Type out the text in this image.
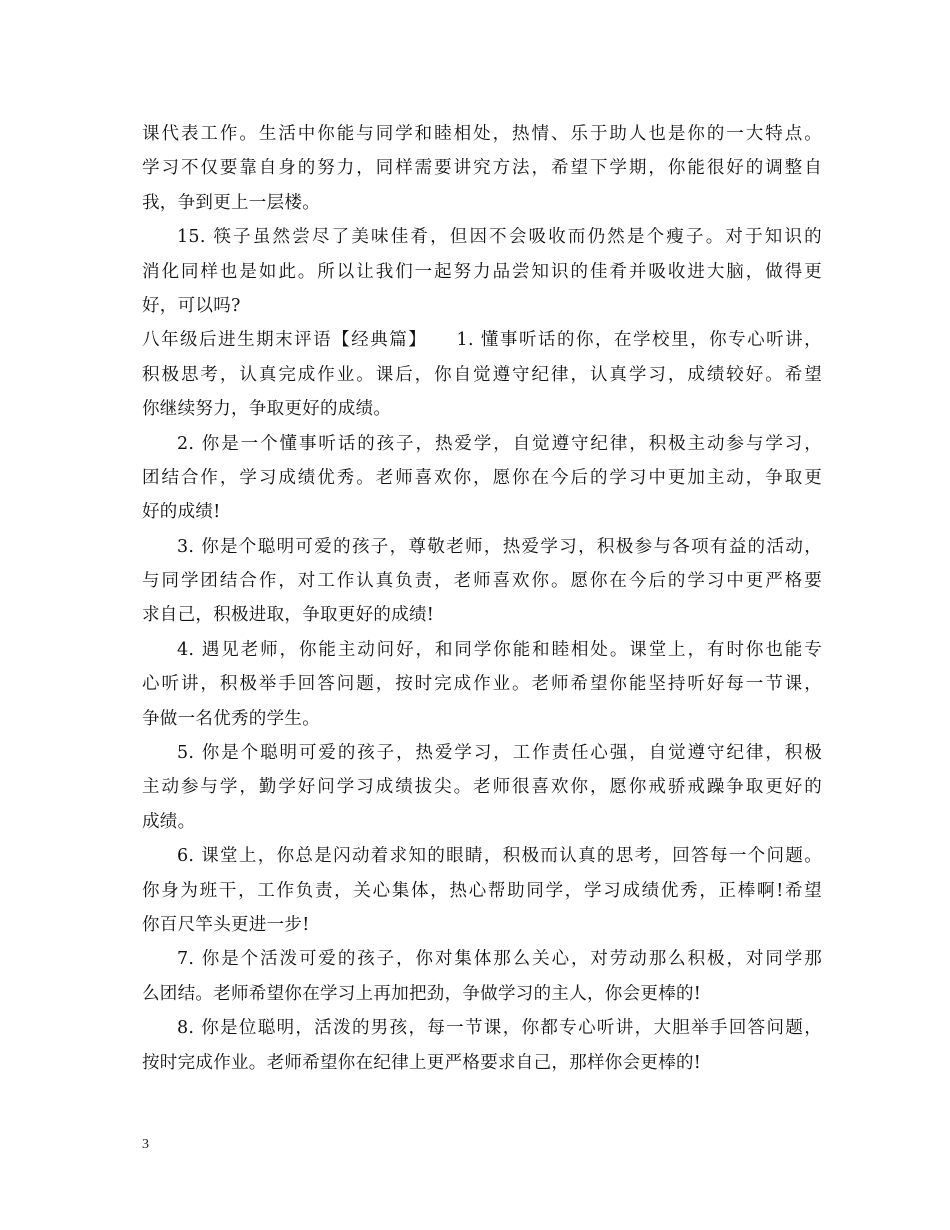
课代表工作。生活中你能与同学和睦相处，热情、乐于助人也是你的一大特点。
学习不仅要靠自身的努力，同样需要讲究方法，希望下学期，你能很好的调整自
我，争到更上一层楼。
15. 筷子虽然尝尽了美味佳肴，但因不会吸收而仍然是个瘦子。对于知识的
消化同样也是如此。所以让我们一起努力品尝知识的佳肴并吸收进大脑，做得更
好，可以吗?
八年级后进生期末评语【经典篇】　　1. 懂事听话的你，在学校里，你专心听讲，
积极思考，认真完成作业。课后，你自觉遵守纪律，认真学习，成绩较好。希望
你继续努力，争取更好的成绩。
2. 你是一个懂事听话的孩子，热爱学，自觉遵守纪律，积极主动参与学习，
团结合作，学习成绩优秀。老师喜欢你，愿你在今后的学习中更加主动，争取更
好的成绩!
3. 你是个聪明可爱的孩子，尊敬老师，热爱学习，积极参与各项有益的活动，
与同学团结合作，对工作认真负责，老师喜欢你。愿你在今后的学习中更严格要
求自己，积极进取，争取更好的成绩!
4. 遇见老师，你能主动问好，和同学你能和睦相处。课堂上，有时你也能专
心听讲，积极举手回答问题，按时完成作业。老师希望你能坚持听好每一节课，
争做一名优秀的学生。
5. 你是个聪明可爱的孩子，热爱学习，工作责任心强，自觉遵守纪律，积极
主动参与学，勤学好问学习成绩拔尖。老师很喜欢你，愿你戒骄戒躁争取更好的
成绩。
6. 课堂上，你总是闪动着求知的眼睛，积极而认真的思考，回答每一个问题。
你身为班干，工作负责，关心集体，热心帮助同学，学习成绩优秀，正棒啊!希望
你百尺竿头更进一步!
7. 你是个活泼可爱的孩子，你对集体那么关心，对劳动那么积极，对同学那
么团结。老师希望你在学习上再加把劲，争做学习的主人，你会更棒的!
8. 你是位聪明，活泼的男孩，每一节课，你都专心听讲，大胆举手回答问题，
按时完成作业。老师希望你在纪律上更严格要求自己，那样你会更棒的!
3
